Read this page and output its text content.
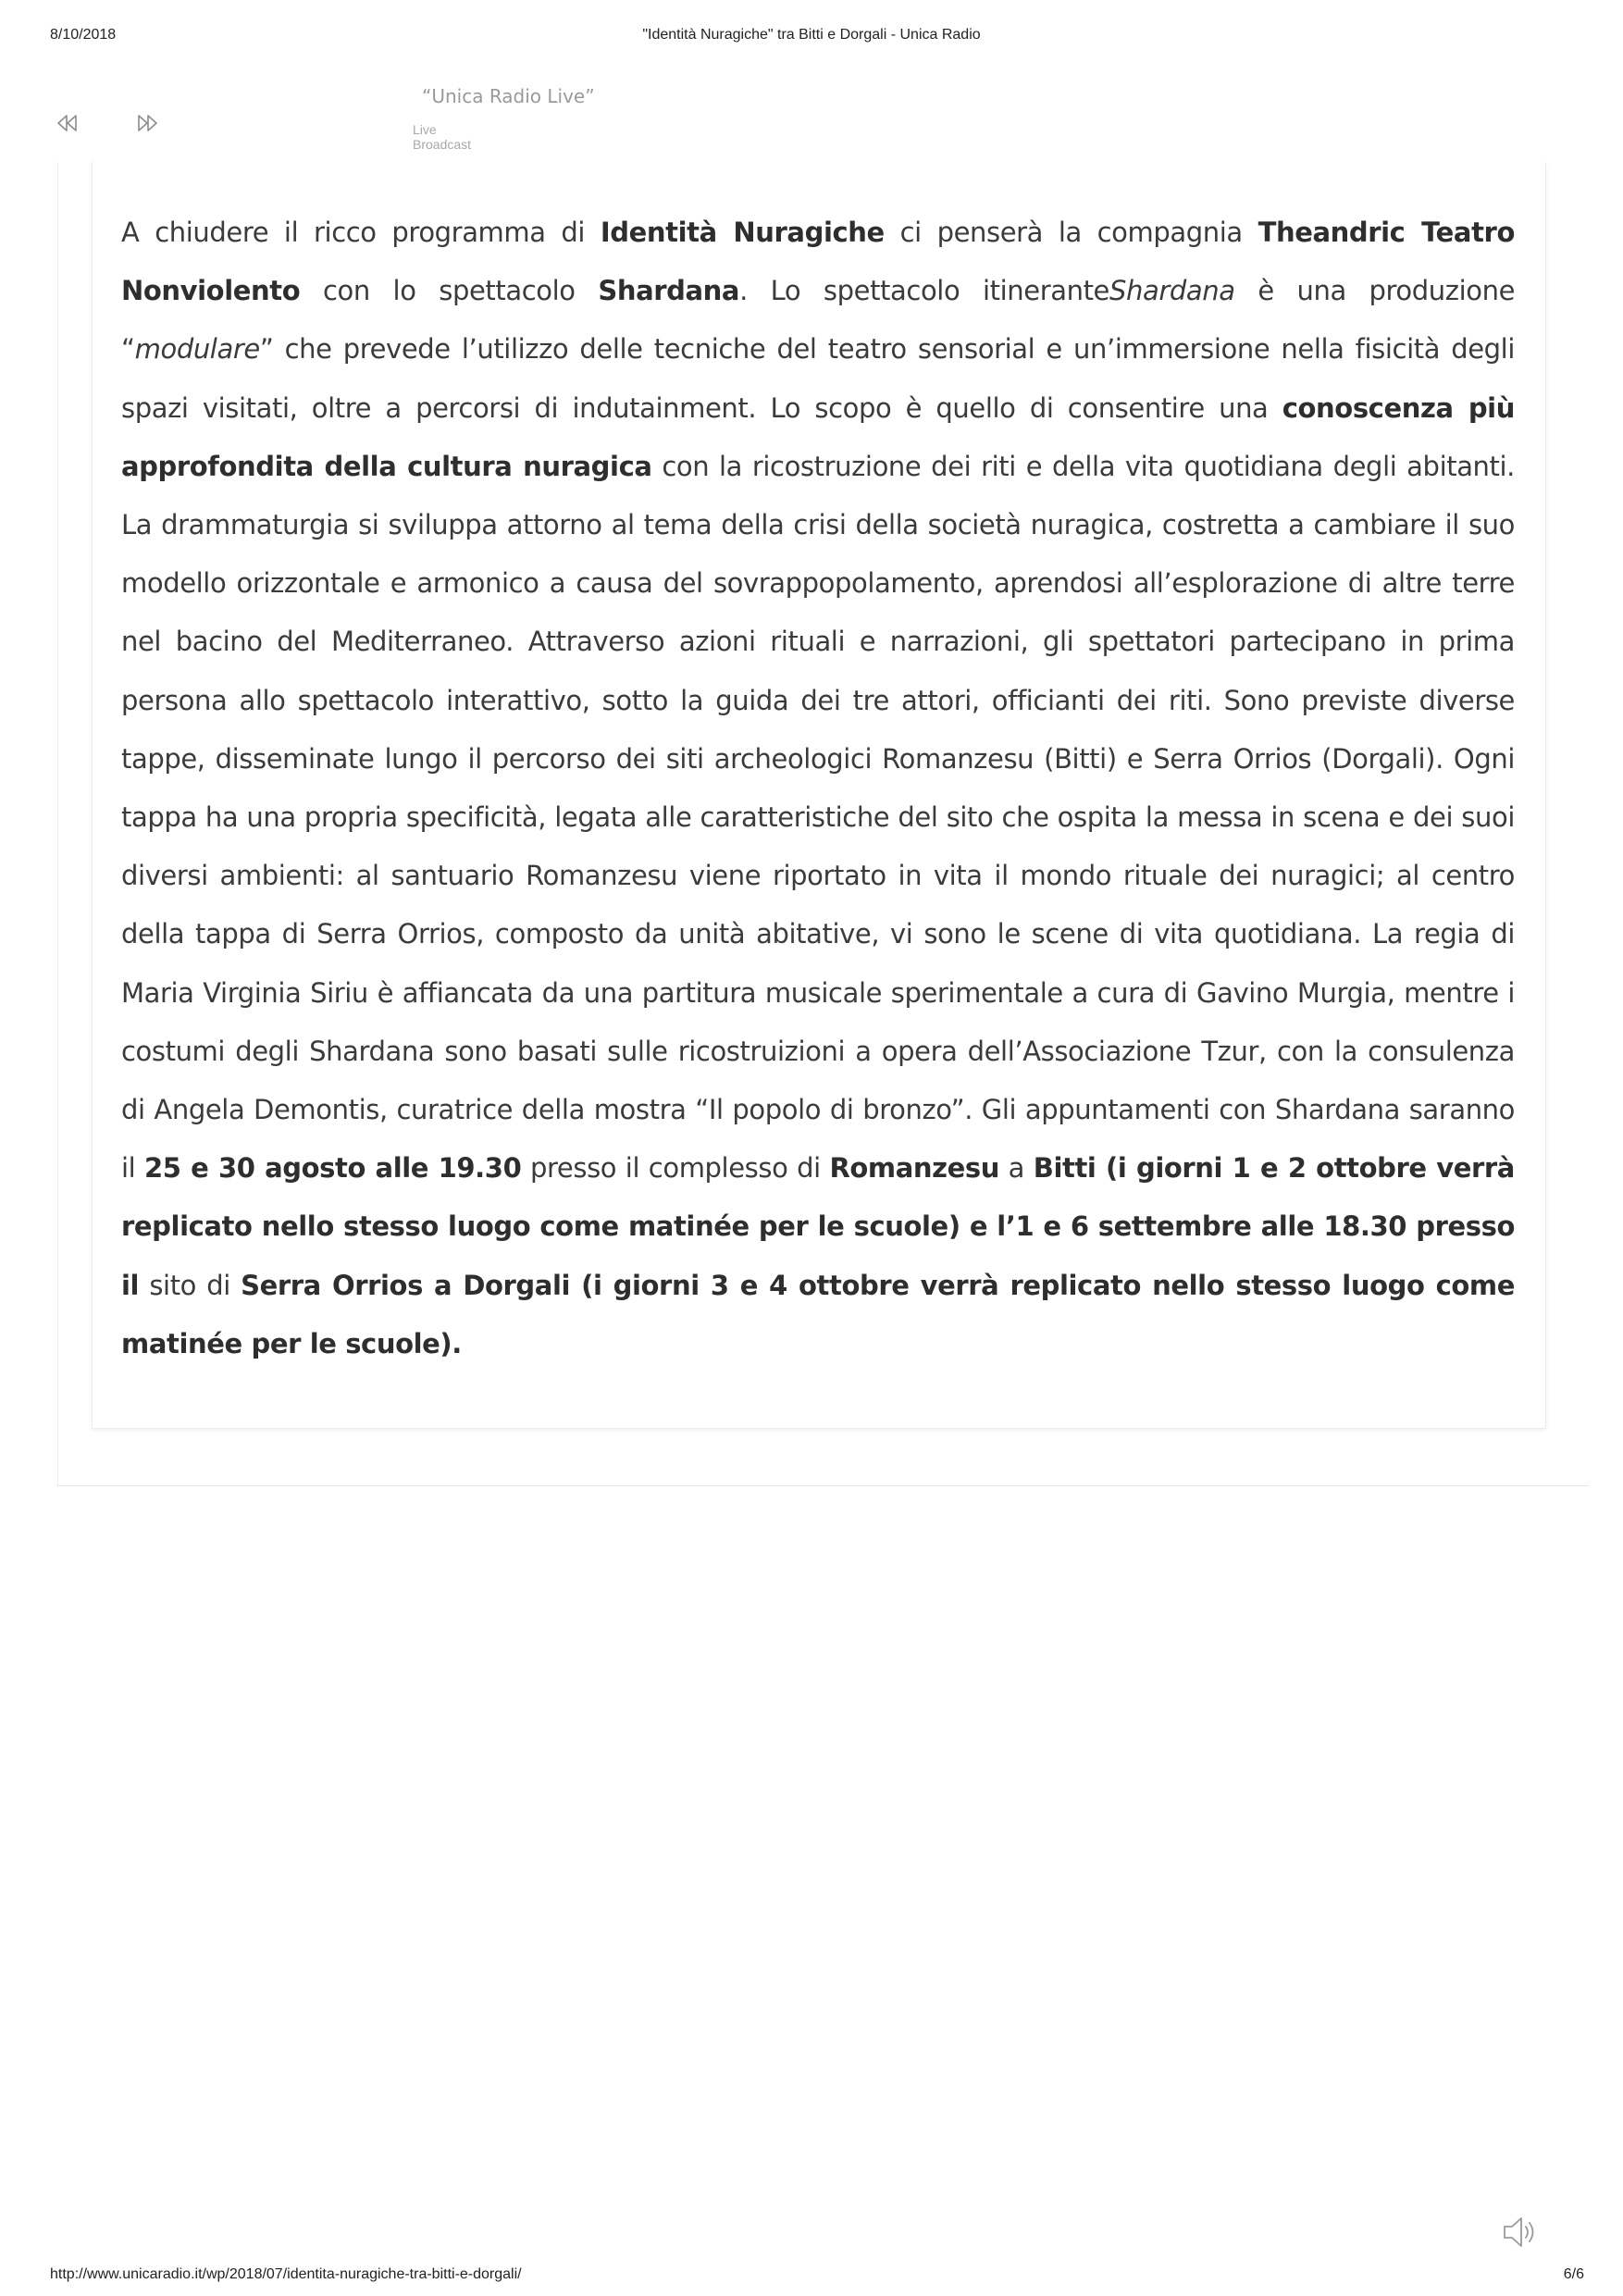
8/10/2018	"Identità Nuragiche" tra Bitti e Dorgali - Unica Radio
“Unica Radio Live”
Live Broadcast

A chiudere il ricco programma di Identità Nuragiche ci penserà la compagnia Theandric Teatro Nonviolento con lo spettacolo Shardana. Lo spettacolo itineranteShardana è una produzione “modulare” che prevede l’utilizzo delle tecniche del teatro sensorial e un’immersione nella fisicità degli spazi visitati, oltre a percorsi di indutainment. Lo scopo è quello di consentire una conoscenza più approfondita della cultura nuragica con la ricostruzione dei riti e della vita quotidiana degli abitanti. La drammaturgia si sviluppa attorno al tema della crisi della società nuragica, costretta a cambiare il suo modello orizzontale e armonico a causa del sovrappopolamento, aprendosi all’esplorazione di altre terre nel bacino del Mediterraneo. Attraverso azioni rituali e narrazioni, gli spettatori partecipano in prima persona allo spettacolo interattivo, sotto la guida dei tre attori, officianti dei riti. Sono previste diverse tappe, disseminate lungo il percorso dei siti archeologici Romanzesu (Bitti) e Serra Orrios (Dorgali). Ogni tappa ha una propria specificità, legata alle caratteristiche del sito che ospita la messa in scena e dei suoi diversi ambienti: al santuario Romanzesu viene riportato in vita il mondo rituale dei nuragici; al centro della tappa di Serra Orrios, composto da unità abitative, vi sono le scene di vita quotidiana. La regia di Maria Virginia Siriu è affiancata da una partitura musicale sperimentale a cura di Gavino Murgia, mentre i costumi degli Shardana sono basati sulle ricostruizioni a opera dell’Associazione Tzur, con la consulenza di Angela Demontis, curatrice della mostra “Il popolo di bronzo”. Gli appuntamenti con Shardana saranno il 25 e 30 agosto alle 19.30 presso il complesso di Romanzesu a Bitti (i giorni 1 e 2 ottobre verrà replicato nello stesso luogo come matinée per le scuole) e l’1 e 6 settembre alle 18.30 presso il sito di Serra Orrios a Dorgali (i giorni 3 e 4 ottobre verrà replicato nello stesso luogo come matinée per le scuole).

http://www.unicaradio.it/wp/2018/07/identita-nuragiche-tra-bitti-e-dorgali/	6/6
